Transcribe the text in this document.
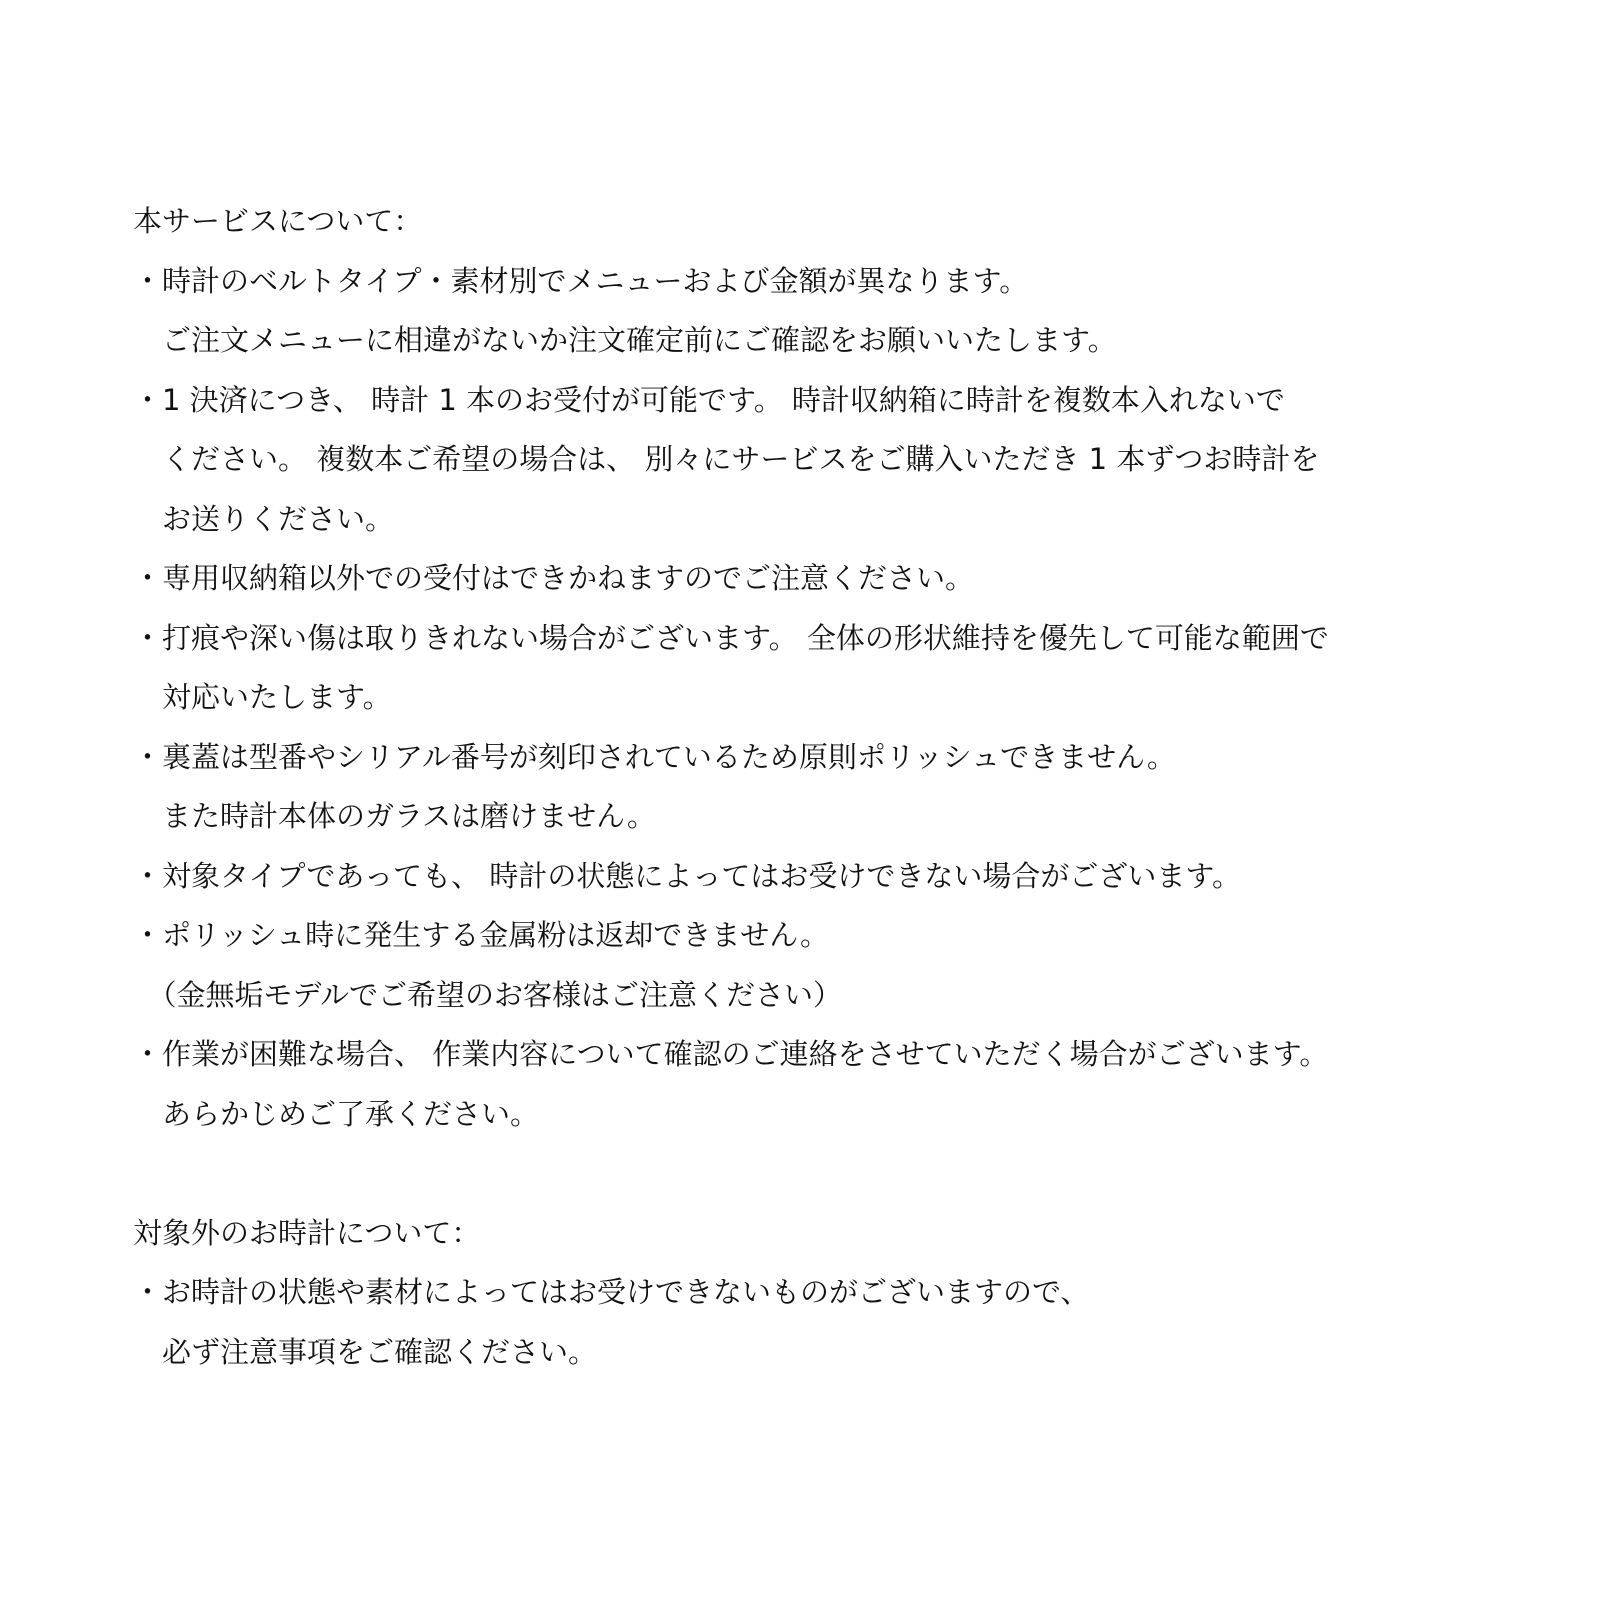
本サービスについて：
・時計のベルトタイプ・素材別でメニューおよび金額が異なります。
　ご注文メニューに相違がないか注文確定前にご確認をお願いいたします。
・1 決済につき、 時計 1 本のお受付が可能です。 時計収納箱に時計を複数本入れないで
　ください。 複数本ご希望の場合は、 別々にサービスをご購入いただき 1 本ずつお時計を
　お送りください。
・専用収納箱以外での受付はできかねますのでご注意ください。
・打痕や深い傷は取りきれない場合がございます。 全体の形状維持を優先して可能な範囲で
　対応いたします。
・裏蓋は型番やシリアル番号が刻印されているため原則ポリッシュできません。
　また時計本体のガラスは磨けません。
・対象タイプであっても、 時計の状態によってはお受けできない場合がございます。
・ポリッシュ時に発生する金属粉は返却できません。
　（金無垢モデルでご希望のお客様はご注意ください）
・作業が困難な場合、 作業内容について確認のご連絡をさせていただく場合がございます。
　あらかじめご了承ください。
対象外のお時計について：
・お時計の状態や素材によってはお受けできないものがございますので、
　必ず注意事項をご確認ください。
